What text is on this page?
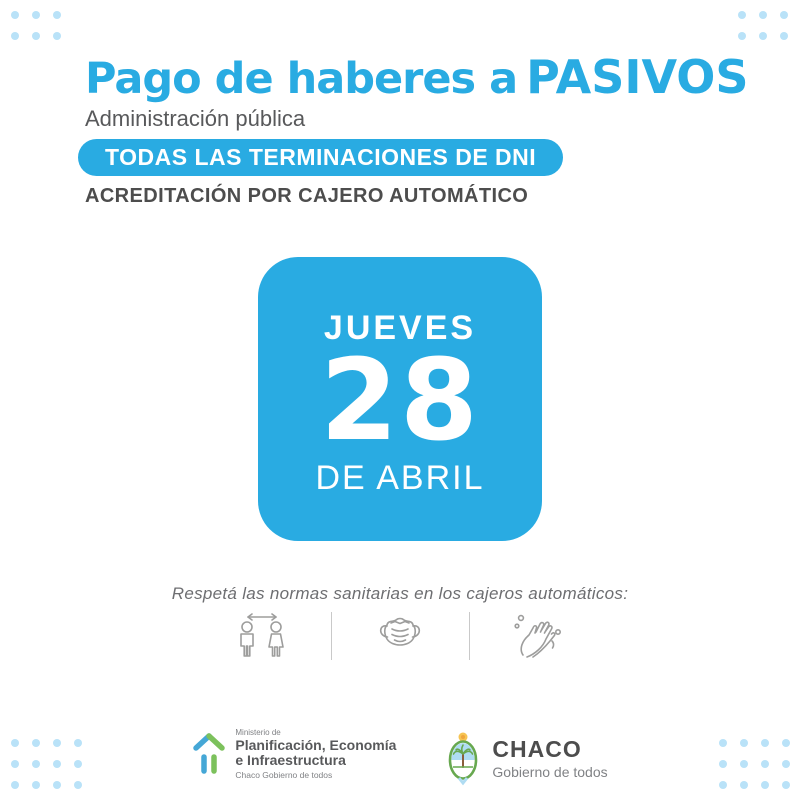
Pago de haberes a PASIVOS

Administración pública

TODAS LAS TERMINACIONES DE DNI

ACREDITACIÓN POR CAJERO AUTOMÁTICO

JUEVES
28
DE ABRIL

Respetá las normas sanitarias en los cajeros automáticos:

Ministerio de
Planificación, Economía
e Infraestructura
Chaco Gobierno de todos
CHACO
Gobierno de todos
